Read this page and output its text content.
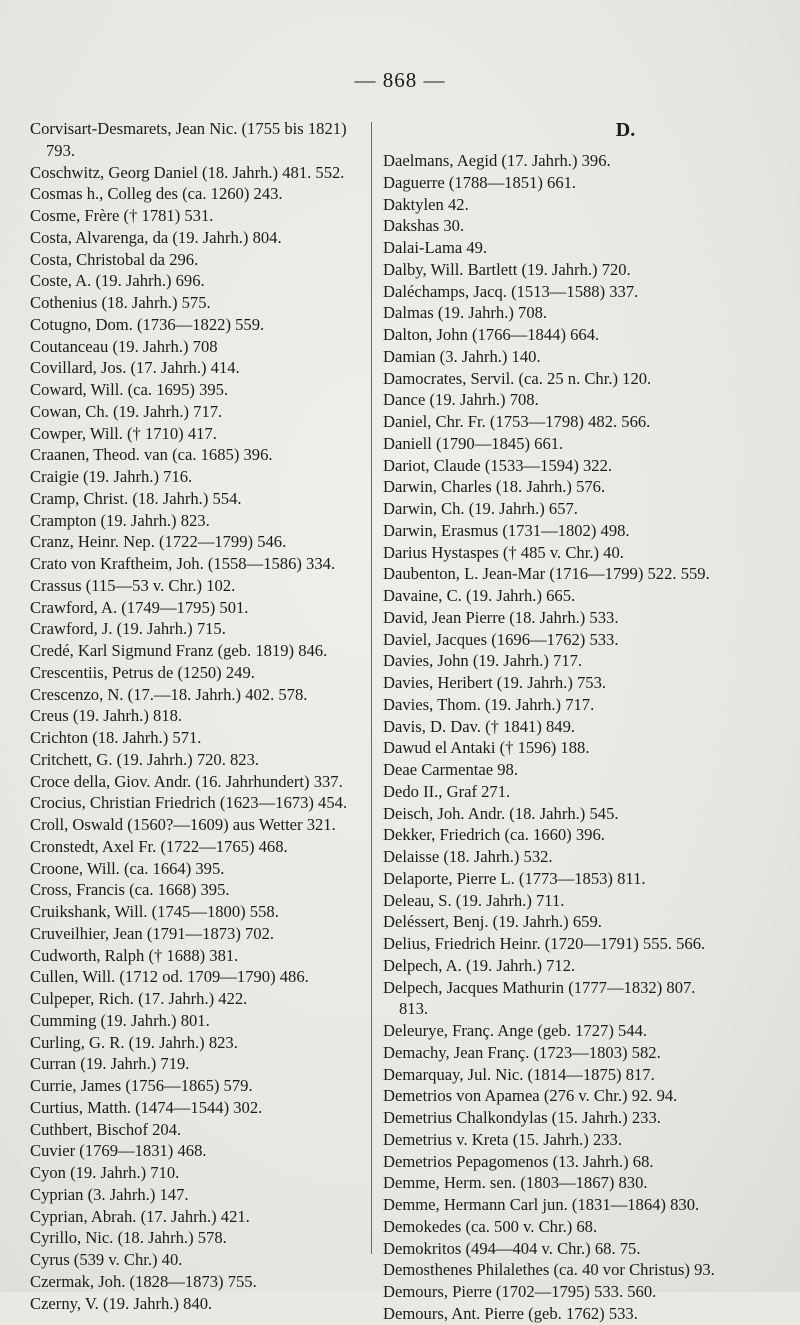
— 868 —
Corvisart-Desmarets, Jean Nic. (1755 bis 1821) 793.
Coschwitz, Georg Daniel (18. Jahrh.) 481. 552.
Cosmas h., Colleg des (ca. 1260) 243.
Cosme, Frère († 1781) 531.
Costa, Alvarenga, da (19. Jahrh.) 804.
Costa, Christobal da 296.
Coste, A. (19. Jahrh.) 696.
Cothenius (18. Jahrh.) 575.
Cotugno, Dom. (1736—1822) 559.
Coutanceau (19. Jahrh.) 708
Covillard, Jos. (17. Jahrh.) 414.
Coward, Will. (ca. 1695) 395.
Cowan, Ch. (19. Jahrh.) 717.
Cowper, Will. († 1710) 417.
Craanen, Theod. van (ca. 1685) 396.
Craigie (19. Jahrh.) 716.
Cramp, Christ. (18. Jahrh.) 554.
Crampton (19. Jahrh.) 823.
Cranz, Heinr. Nep. (1722—1799) 546.
Crato von Kraftheim, Joh. (1558—1586) 334.
Crassus (115—53 v. Chr.) 102.
Crawford, A. (1749—1795) 501.
Crawford, J. (19. Jahrh.) 715.
Credé, Karl Sigmund Franz (geb. 1819) 846.
Crescentiis, Petrus de (1250) 249.
Crescenzo, N. (17.—18. Jahrh.) 402. 578.
Creus (19. Jahrh.) 818.
Crichton (18. Jahrh.) 571.
Critchett, G. (19. Jahrh.) 720. 823.
Croce della, Giov. Andr. (16. Jahrhundert) 337.
Crocius, Christian Friedrich (1623—1673) 454.
Croll, Oswald (1560?—1609) aus Wetter 321.
Cronstedt, Axel Fr. (1722—1765) 468.
Croone, Will. (ca. 1664) 395.
Cross, Francis (ca. 1668) 395.
Cruikshank, Will. (1745—1800) 558.
Cruveilhier, Jean (1791—1873) 702.
Cudworth, Ralph († 1688) 381.
Cullen, Will. (1712 od. 1709—1790) 486.
Culpeper, Rich. (17. Jahrh.) 422.
Cumming (19. Jahrh.) 801.
Curling, G. R. (19. Jahrh.) 823.
Curran (19. Jahrh.) 719.
Currie, James (1756—1865) 579.
Curtius, Matth. (1474—1544) 302.
Cuthbert, Bischof 204.
Cuvier (1769—1831) 468.
Cyon (19. Jahrh.) 710.
Cyprian (3. Jahrh.) 147.
Cyprian, Abrah. (17. Jahrh.) 421.
Cyrillo, Nic. (18. Jahrh.) 578.
Cyrus (539 v. Chr.) 40.
Czermak, Joh. (1828—1873) 755.
Czerny, V. (19. Jahrh.) 840.
D.
Daelmans, Aegid (17. Jahrh.) 396.
Daguerre (1788—1851) 661.
Daktylen 42.
Dakshas 30.
Dalai-Lama 49.
Dalby, Will. Bartlett (19. Jahrh.) 720.
Daléchamps, Jacq. (1513—1588) 337.
Dalmas (19. Jahrh.) 708.
Dalton, John (1766—1844) 664.
Damian (3. Jahrh.) 140.
Damocrates, Servil. (ca. 25 n. Chr.) 120.
Dance (19. Jahrh.) 708.
Daniel, Chr. Fr. (1753—1798) 482. 566.
Daniell (1790—1845) 661.
Dariot, Claude (1533—1594) 322.
Darwin, Charles (18. Jahrh.) 576.
Darwin, Ch. (19. Jahrh.) 657.
Darwin, Erasmus (1731—1802) 498.
Darius Hystaspes († 485 v. Chr.) 40.
Daubenton, L. Jean-Mar (1716—1799) 522. 559.
Davaine, C. (19. Jahrh.) 665.
David, Jean Pierre (18. Jahrh.) 533.
Daviel, Jacques (1696—1762) 533.
Davies, John (19. Jahrh.) 717.
Davies, Heribert (19. Jahrh.) 753.
Davies, Thom. (19. Jahrh.) 717.
Davis, D. Dav. († 1841) 849.
Dawud el Antaki († 1596) 188.
Deae Carmentae 98.
Dedo II., Graf 271.
Deisch, Joh. Andr. (18. Jahrh.) 545.
Dekker, Friedrich (ca. 1660) 396.
Delaisse (18. Jahrh.) 532.
Delaporte, Pierre L. (1773—1853) 811.
Deleau, S. (19. Jahrh.) 711.
Deléssert, Benj. (19. Jahrh.) 659.
Delius, Friedrich Heinr. (1720—1791) 555. 566.
Delpech, A. (19. Jahrh.) 712.
Delpech, Jacques Mathurin (1777—1832) 807. 813.
Deleurye, Franç. Ange (geb. 1727) 544.
Demachy, Jean Franç. (1723—1803) 582.
Demarquay, Jul. Nic. (1814—1875) 817.
Demetrios von Apamea (276 v. Chr.) 92. 94.
Demetrius Chalkondylas (15. Jahrh.) 233.
Demetrius v. Kreta (15. Jahrh.) 233.
Demetrios Pepagomenos (13. Jahrh.) 68.
Demme, Herm. sen. (1803—1867) 830.
Demme, Hermann Carl jun. (1831—1864) 830.
Demokedes (ca. 500 v. Chr.) 68.
Demokritos (494—404 v. Chr.) 68. 75.
Demosthenes Philalethes (ca. 40 vor Christus) 93.
Demours, Pierre (1702—1795) 533. 560.
Demours, Ant. Pierre (geb. 1762) 533.
